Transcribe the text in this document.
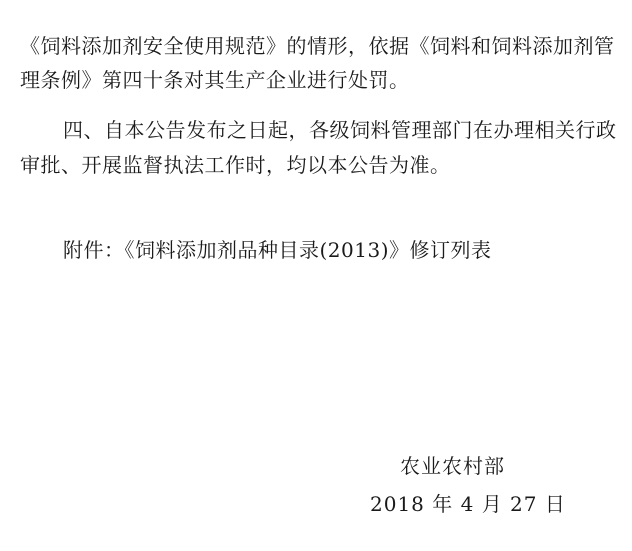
《饲料添加剂安全使用规范》的情形，依据《饲料和饲料添加剂管
理条例》第四十条对其生产企业进行处罚。
四、自本公告发布之日起，各级饲料管理部门在办理相关行政
审批、开展监督执法工作时，均以本公告为准。
附件：《饲料添加剂品种目录(2013)》修订列表
农业农村部
2018 年 4 月 27 日
